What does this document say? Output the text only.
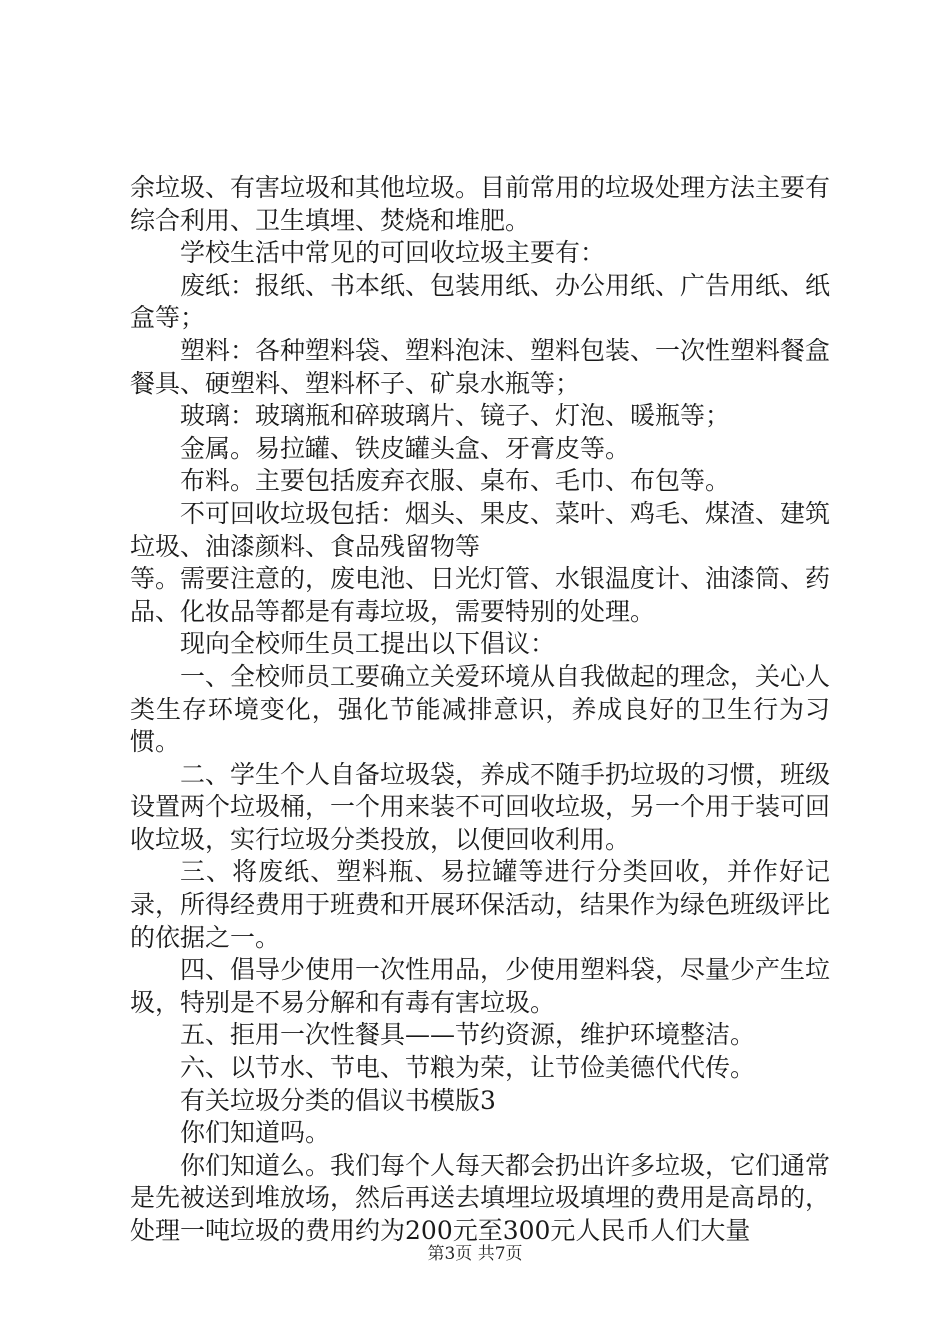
余垃圾、有害垃圾和其他垃圾。目前常用的垃圾处理方法主要有综合利用、卫生填埋、焚烧和堆肥。

学校生活中常见的可回收垃圾主要有：

废纸：报纸、书本纸、包装用纸、办公用纸、广告用纸、纸盒等；

塑料：各种塑料袋、塑料泡沫、塑料包装、一次性塑料餐盒餐具、硬塑料、塑料杯子、矿泉水瓶等；

玻璃：玻璃瓶和碎玻璃片、镜子、灯泡、暖瓶等；

金属。易拉罐、铁皮罐头盒、牙膏皮等。

布料。主要包括废弃衣服、桌布、毛巾、布包等。

不可回收垃圾包括：烟头、果皮、菜叶、鸡毛、煤渣、建筑垃圾、油漆颜料、食品残留物等

等。需要注意的，废电池、日光灯管、水银温度计、油漆筒、药品、化妆品等都是有毒垃圾，需要特别的处理。

现向全校师生员工提出以下倡议：

一、全校师员工要确立关爱环境从自我做起的理念，关心人类生存环境变化，强化节能减排意识，养成良好的卫生行为习惯。

二、学生个人自备垃圾袋，养成不随手扔垃圾的习惯，班级设置两个垃圾桶，一个用来装不可回收垃圾，另一个用于装可回收垃圾，实行垃圾分类投放，以便回收利用。

三、将废纸、塑料瓶、易拉罐等进行分类回收，并作好记录，所得经费用于班费和开展环保活动，结果作为绿色班级评比的依据之一。

四、倡导少使用一次性用品，少使用塑料袋，尽量少产生垃圾，特别是不易分解和有毒有害垃圾。

五、拒用一次性餐具——节约资源，维护环境整洁。

六、以节水、节电、节粮为荣，让节俭美德代代传。

有关垃圾分类的倡议书模版3

你们知道吗。

你们知道么。我们每个人每天都会扔出许多垃圾，它们通常是先被送到堆放场，然后再送去填埋垃圾填埋的费用是高昂的，处理一吨垃圾的费用约为200元至300元人民币人们大量

第3页 共7页
